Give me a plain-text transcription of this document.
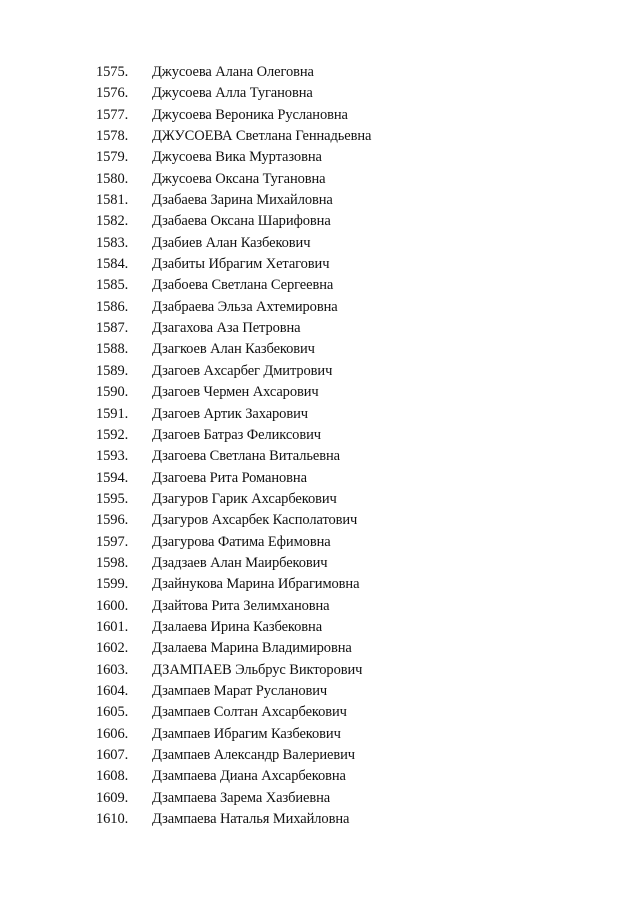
1575.	Джусоева Алана Олеговна
1576.	Джусоева Алла Тугановна
1577.	Джусоева Вероника Руслановна
1578.	ДЖУСОЕВА Светлана Геннадьевна
1579.	Джусоева Вика Муртазовна
1580.	Джусоева Оксана Тугановна
1581.	Дзабаева Зарина Михайловна
1582.	Дзабаева Оксана Шарифовна
1583.	Дзабиев Алан Казбекович
1584.	Дзабиты Ибрагим Хетагович
1585.	Дзабоева Светлана Сергеевна
1586.	Дзабраева Эльза Ахтемировна
1587.	Дзагахова Аза Петровна
1588.	Дзагкоев Алан Казбекович
1589.	Дзагоев Ахсарбег Дмитрович
1590.	Дзагоев Чермен Ахсарович
1591.	Дзагоев Артик Захарович
1592.	Дзагоев Батраз Феликсович
1593.	Дзагоева Светлана Витальевна
1594.	Дзагоева Рита Романовна
1595.	Дзагуров Гарик Ахсарбекович
1596.	Дзагуров Ахсарбек Касполатович
1597.	Дзагурова Фатима Ефимовна
1598.	Дзадзаев Алан Маирбекович
1599.	Дзайнукова Марина Ибрагимовна
1600.	Дзайтова Рита Зелимхановна
1601.	Дзалаева Ирина Казбековна
1602.	Дзалаева Марина Владимировна
1603.	ДЗАМПАЕВ Эльбрус Викторович
1604.	Дзампаев Марат Русланович
1605.	Дзампаев Солтан Ахсарбекович
1606.	Дзампаев Ибрагим Казбекович
1607.	Дзампаев Александр Валериевич
1608.	Дзампаева Диана Ахсарбековна
1609.	Дзампаева Зарема Хазбиевна
1610.	Дзампаева Наталья Михайловна
